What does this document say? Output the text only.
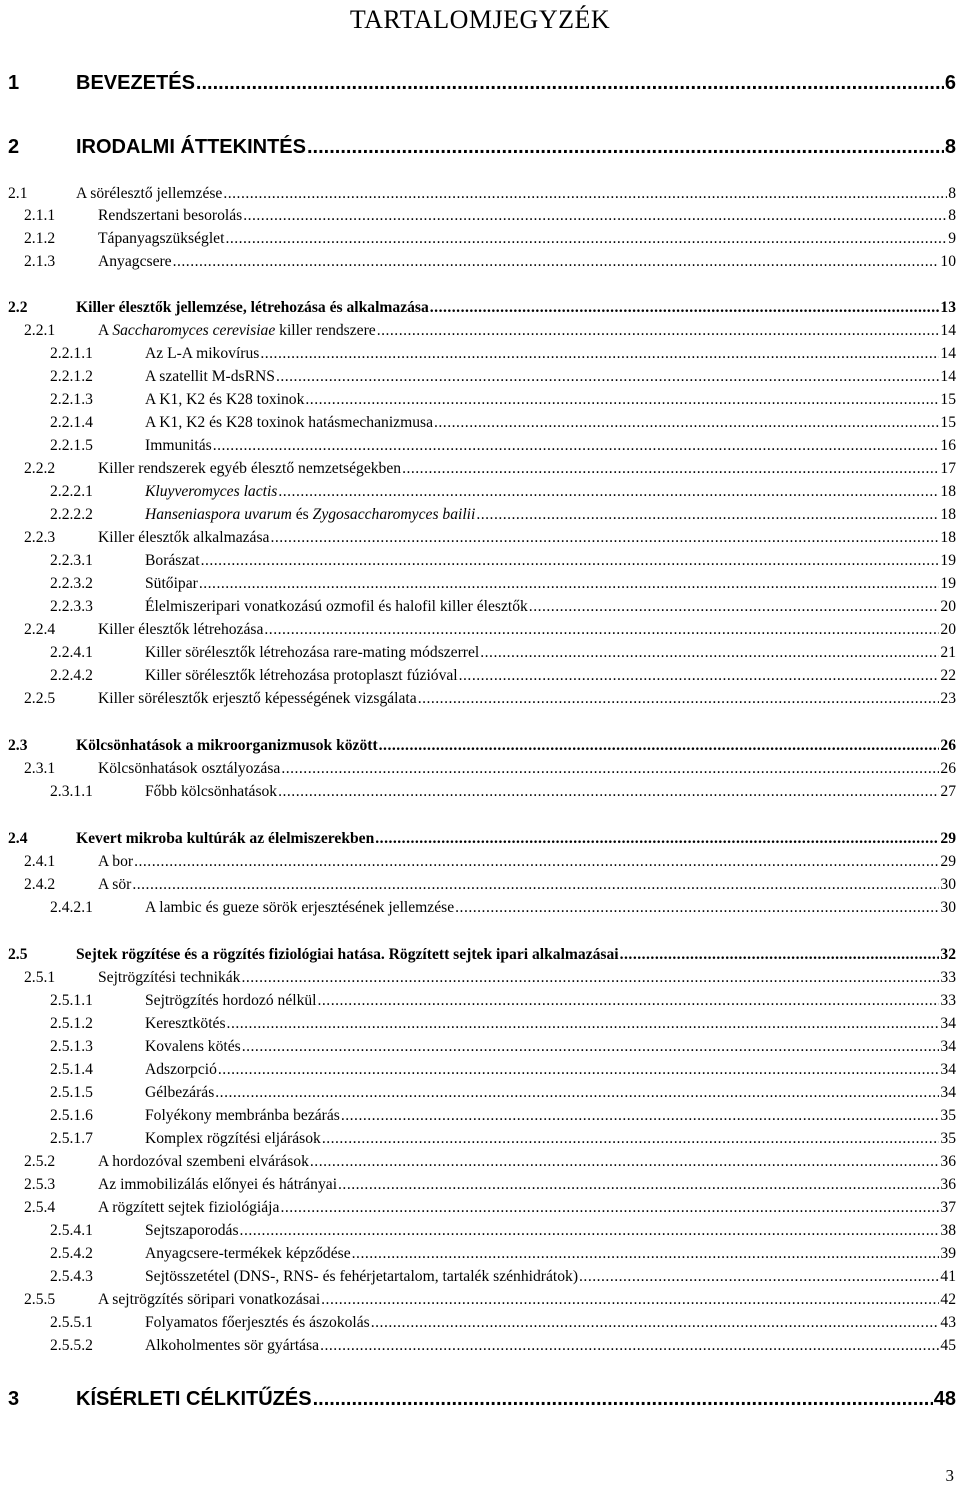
TARTALOMJEGYZÉK
1	BEVEZETÉS .....	6
2	IRODALMI ÁTTEKINTÉS .....	8
2.1	A sörélesztő jellemzése .....	8
2.1.1	Rendszertani besorolás .....	8
2.1.2	Tápanyagszükséglet .....	9
2.1.3	Anyagcsere .....	10
2.2	Killer élesztők jellemzése, létrehozása és alkalmazása .....	13
2.2.1	A Saccharomyces cerevisiae killer rendszere .....	14
2.2.1.1	Az L-A mikovírus .....	14
2.2.1.2	A szatellit M-dsRNS .....	14
2.2.1.3	A K1, K2 és K28 toxinok .....	15
2.2.1.4	A K1, K2 és K28 toxinok hatásmechanizmusa .....	15
2.2.1.5	Immunitás .....	16
2.2.2	Killer rendszerek egyéb élesztő nemzetségekben .....	17
2.2.2.1	Kluyveromyces lactis .....	18
2.2.2.2	Hanseniaspora uvarum és Zygosaccharomyces bailii .....	18
2.2.3	Killer élesztők alkalmazása .....	18
2.2.3.1	Borászat .....	19
2.2.3.2	Sütőipar .....	19
2.2.3.3	Élelmiszeripari vonatkozású ozmofil és halofil killer élesztők .....	20
2.2.4	Killer élesztők létrehozása .....	20
2.2.4.1	Killer sörélesztők létrehozása rare-mating módszerrel .....	21
2.2.4.2	Killer sörélesztők létrehozása protoplaszt fúzióval .....	22
2.2.5	Killer sörélesztők erjesztő képességének vizsgálata .....	23
2.3	Kölcsönhatások a mikroorganizmusok között .....	26
2.3.1	Kölcsönhatások osztályozása .....	26
2.3.1.1	Főbb kölcsönhatások .....	27
2.4	Kevert mikroba kultúrák az élelmiszerekben .....	29
2.4.1	A bor .....	29
2.4.2	A sör .....	30
2.4.2.1	A lambic és gueze sörök erjesztésének jellemzése .....	30
2.5	Sejtek rögzítése és a rögzítés fiziológiai hatása. Rögzített sejtek ipari alkalmazásai .....	32
2.5.1	Sejtrögzítési technikák .....	33
2.5.1.1	Sejtrögzítés hordozó nélkül .....	33
2.5.1.2	Keresztkötés .....	34
2.5.1.3	Kovalens kötés .....	34
2.5.1.4	Adszorpció .....	34
2.5.1.5	Gélbezárás .....	34
2.5.1.6	Folyékony membránba bezárás .....	35
2.5.1.7	Komplex rögzítési eljárások .....	35
2.5.2	A hordozóval szembeni elvárások .....	36
2.5.3	Az immobilizálás előnyei és hátrányai .....	36
2.5.4	A rögzített sejtek fiziológiája .....	37
2.5.4.1	Sejtszaporodás .....	38
2.5.4.2	Anyagcsere-termékek képződése .....	39
2.5.4.3	Sejtösszetétel (DNS-, RNS- és fehérjetartalom, tartalék szénhidrátok) .....	41
2.5.5	A sejtrögzítés söripari vonatkozásai .....	42
2.5.5.1	Folyamatos főerjesztés és ászokolás .....	43
2.5.5.2	Alkoholmentes sör gyártása .....	45
3	KÍSÉRLETI CÉLKITŰZÉS .....	48
3
